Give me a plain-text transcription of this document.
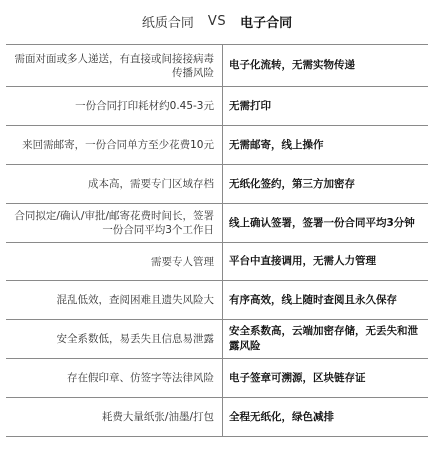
纸质合同 VS 电子合同
需面对面或多人递送，有直接或间接接病毒传播风险
电子化流转，无需实物传递
一份合同打印耗材约0.45-3元 无需打印
来回需邮寄，一份合同单方至少花费10元 无需邮寄，线上操作
成本高，需要专门区域存档 无纸化签约，第三方加密存
合同拟定/确认/审批/邮寄花费时间长，签署一份合同平均3个工作日
线上确认签署，签署一份合同平均3分钟
需要专人管理 平台中直接调用，无需人力管理
混乱低效，查阅困难且遗失风险大 有序高效，线上随时查阅且永久保存
安全系数低，易丢失且信息易泄露
安全系数高，云端加密存储，无丢失和泄露风险
存在假印章、仿签字等法律风险 电子签章可溯源，区块链存证
耗费大量纸张/油墨/打包 全程无纸化，绿色减排
